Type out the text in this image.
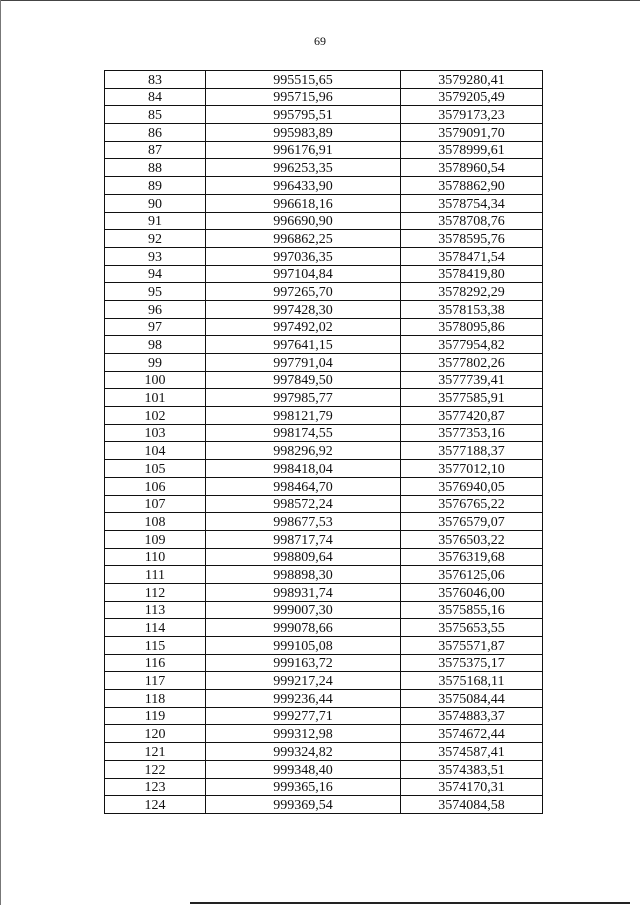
69
83	995515,65	3579280,41
84	995715,96	3579205,49
85	995795,51	3579173,23
86	995983,89	3579091,70
87	996176,91	3578999,61
88	996253,35	3578960,54
89	996433,90	3578862,90
90	996618,16	3578754,34
91	996690,90	3578708,76
92	996862,25	3578595,76
93	997036,35	3578471,54
94	997104,84	3578419,80
95	997265,70	3578292,29
96	997428,30	3578153,38
97	997492,02	3578095,86
98	997641,15	3577954,82
99	997791,04	3577802,26
100	997849,50	3577739,41
101	997985,77	3577585,91
102	998121,79	3577420,87
103	998174,55	3577353,16
104	998296,92	3577188,37
105	998418,04	3577012,10
106	998464,70	3576940,05
107	998572,24	3576765,22
108	998677,53	3576579,07
109	998717,74	3576503,22
110	998809,64	3576319,68
111	998898,30	3576125,06
112	998931,74	3576046,00
113	999007,30	3575855,16
114	999078,66	3575653,55
115	999105,08	3575571,87
116	999163,72	3575375,17
117	999217,24	3575168,11
118	999236,44	3575084,44
119	999277,71	3574883,37
120	999312,98	3574672,44
121	999324,82	3574587,41
122	999348,40	3574383,51
123	999365,16	3574170,31
124	999369,54	3574084,58
